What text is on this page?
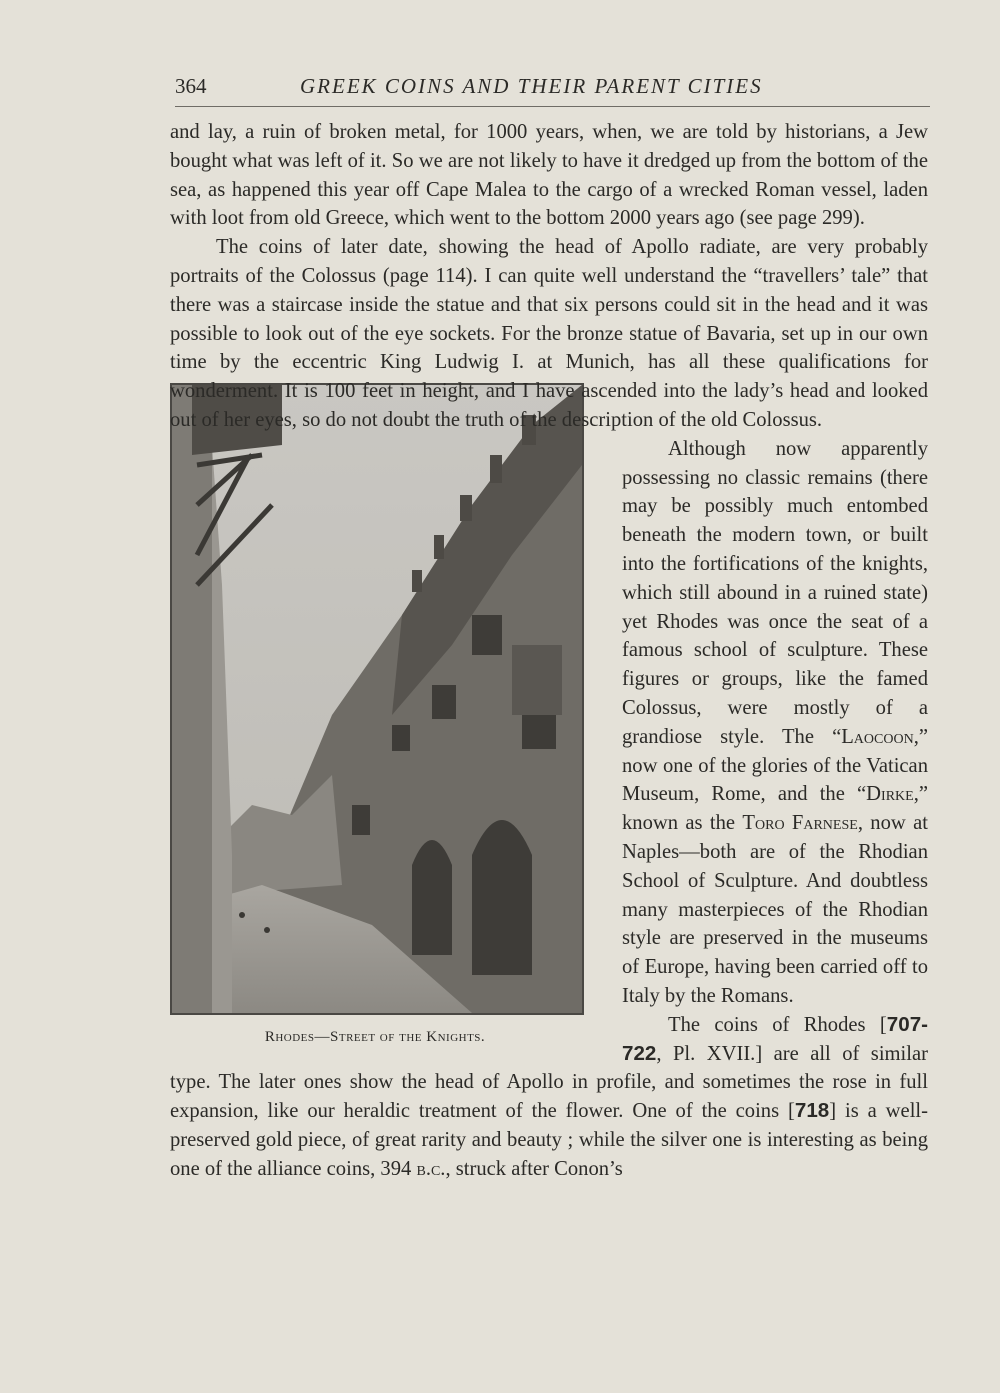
364	GREEK COINS AND THEIR PARENT CITIES

and lay, a ruin of broken metal, for 1000 years, when, we are told by historians, a Jew bought what was left of it. So we are not likely to have it dredged up from the bottom of the sea, as happened this year off Cape Malea to the cargo of a wrecked Roman vessel, laden with loot from old Greece, which went to the bottom 2000 years ago (see page 299).

The coins of later date, showing the head of Apollo radiate, are very probably portraits of the Colossus (page 114). I can quite well understand the “travellers’ tale” that there was a staircase inside the statue and that six persons could sit in the head and it was possible to look out of the eye sockets. For the bronze statue of Bavaria, set up in our own time by the eccentric King Ludwig I. at Munich, has all these qualifications for wonderment. It is 100 feet in height, and I have ascended into the lady’s head and looked out of her eyes, so do not doubt the truth of the description of the old Colossus.

Rhodes—Street of the Knights.

Although now apparently possessing no classic remains (there may be possibly much entombed beneath the modern town, or built into the fortifications of the knights, which still abound in a ruined state) yet Rhodes was once the seat of a famous school of sculpture. These figures or groups, like the famed Colossus, were mostly of a grandiose style. The “Laocoon,” now one of the glories of the Vatican Museum, Rome, and the “Dirke,” known as the Toro Farnese, now at Naples—both are of the Rhodian School of Sculpture. And doubtless many masterpieces of the Rhodian style are preserved in the museums of Europe, having been carried off to Italy by the Romans.

The coins of Rhodes [707-722, Pl. XVII.] are all of similar type. The later ones show the head of Apollo in profile, and sometimes the rose in full expansion, like our heraldic treatment of the flower. One of the coins [718] is a well-preserved gold piece, of great rarity and beauty ; while the silver one is interesting as being one of the alliance coins, 394 b.c., struck after Conon’s
